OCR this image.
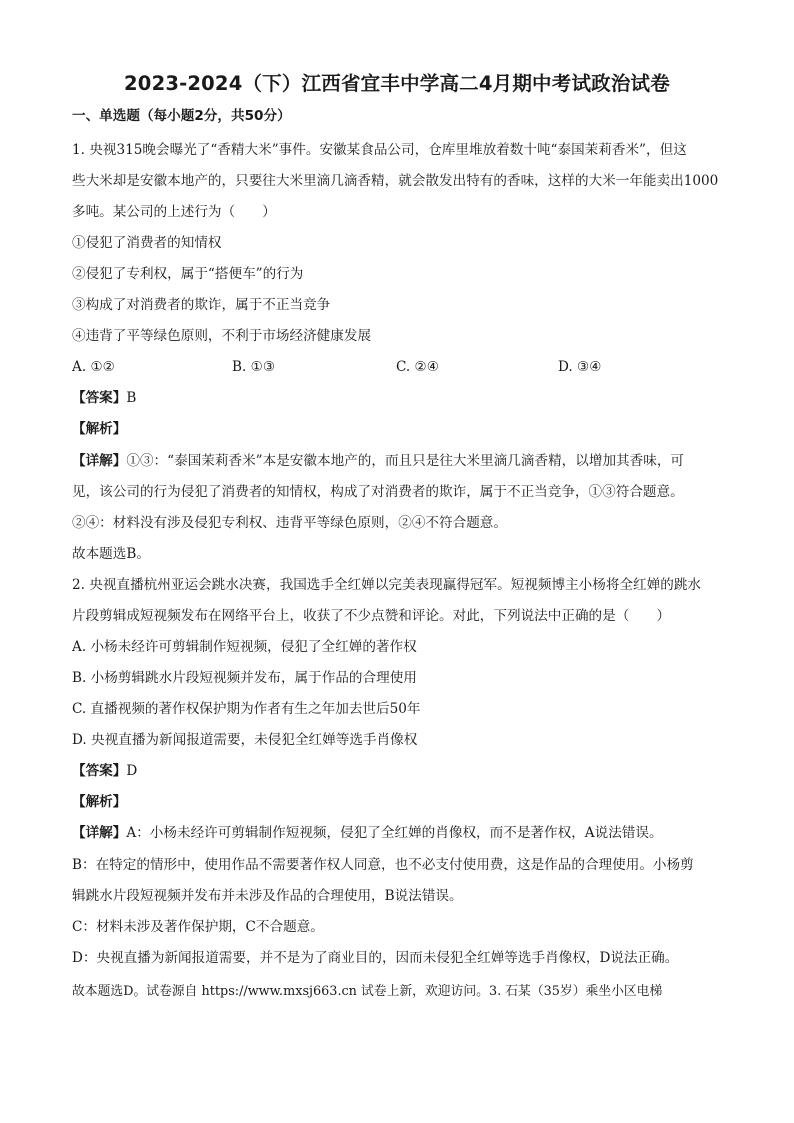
2023-2024（下）江西省宜丰中学高二4月期中考试政治试卷
一、单选题（每小题2分，共50分）
1. 央视315晚会曝光了“香精大米”事件。安徽某食品公司，仓库里堆放着数十吨“泰国茉莉香米”，但这
些大米却是安徽本地产的，只要往大米里滴几滴香精，就会散发出特有的香味，这样的大米一年能卖出1000
多吨。某公司的上述行为（　　）
①侵犯了消费者的知情权
②侵犯了专利权，属于“搭便车”的行为
③构成了对消费者的欺诈，属于不正当竞争
④违背了平等绿色原则，不利于市场经济健康发展
A. ①②	B. ①③	C. ②④	D. ③④
【答案】B
【解析】
【详解】①③：“泰国茉莉香米”本是安徽本地产的，而且只是往大米里滴几滴香精，以增加其香味，可
见，该公司的行为侵犯了消费者的知情权，构成了对消费者的欺诈，属于不正当竞争，①③符合题意。
②④：材料没有涉及侵犯专利权、违背平等绿色原则，②④不符合题意。
故本题选B。
2. 央视直播杭州亚运会跳水决赛，我国选手全红婵以完美表现赢得冠军。短视频博主小杨将全红婵的跳水
片段剪辑成短视频发布在网络平台上，收获了不少点赞和评论。对此，下列说法中正确的是（　　）
A. 小杨未经许可剪辑制作短视频，侵犯了全红婵的著作权
B. 小杨剪辑跳水片段短视频并发布，属于作品的合理使用
C. 直播视频的著作权保护期为作者有生之年加去世后50年
D. 央视直播为新闻报道需要，未侵犯全红婵等选手肖像权
【答案】D
【解析】
【详解】A：小杨未经许可剪辑制作短视频，侵犯了全红婵的肖像权，而不是著作权，A说法错误。
B：在特定的情形中，使用作品不需要著作权人同意，也不必支付使用费，这是作品的合理使用。小杨剪
辑跳水片段短视频并发布并未涉及作品的合理使用，B说法错误。
C：材料未涉及著作保护期，C不合题意。
D：央视直播为新闻报道需要，并不是为了商业目的，因而未侵犯全红婵等选手肖像权，D说法正确。
故本题选D。试卷源自 https://www.mxsj663.cn 试卷上新，欢迎访问。3. 石某（35岁）乘坐小区电梯
